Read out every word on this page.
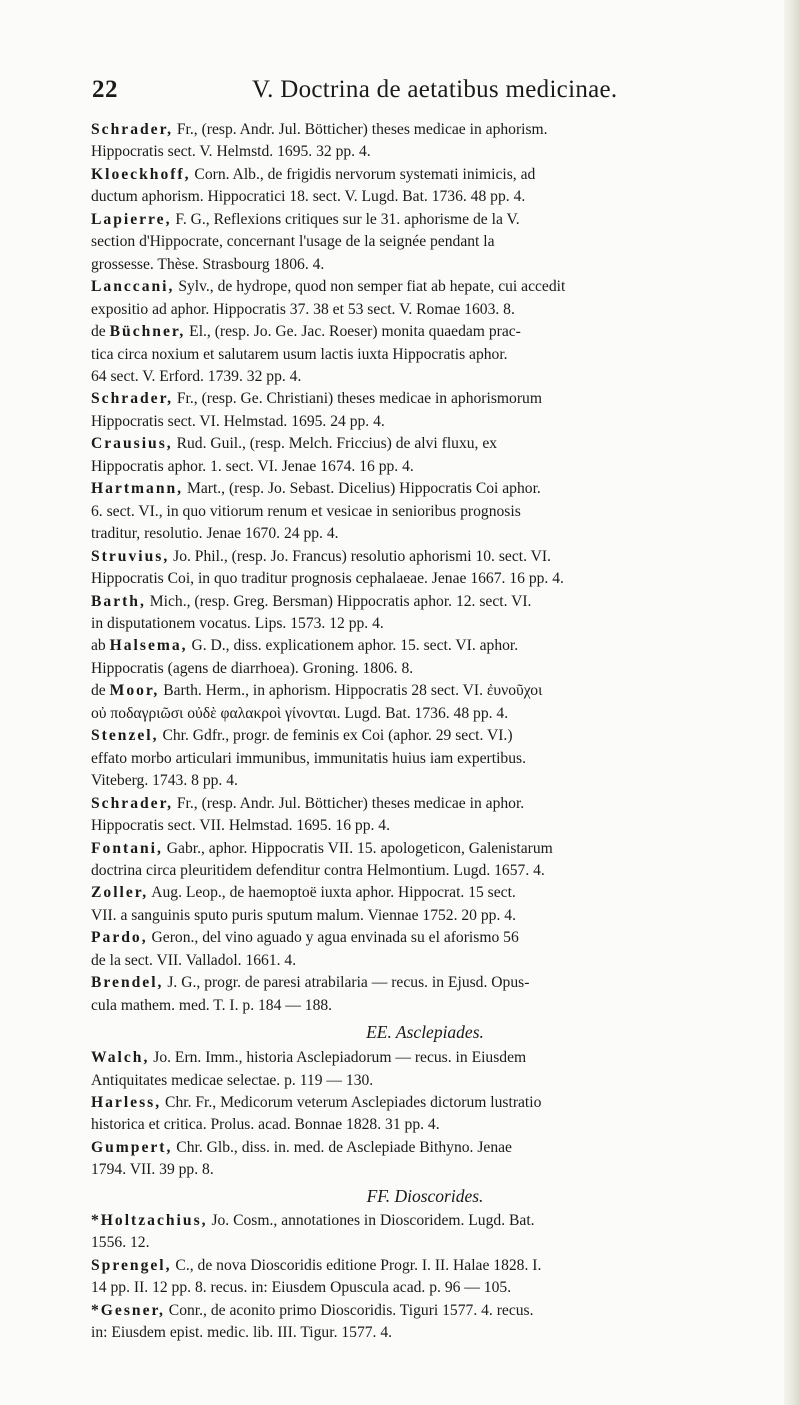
22	V. Doctrina de aetatibus medicinae.
Schrader, Fr., (resp. Andr. Jul. Bötticher) theses medicae in aphorism.
Hippocratis sect. V. Helmstd. 1695. 32 pp. 4.
Kloeckhoff, Corn. Alb., de frigidis nervorum systemati inimicis, ad
ductum aphorism. Hippocratici 18. sect. V. Lugd. Bat. 1736. 48 pp. 4.
Lapierre, F. G., Reflexions critiques sur le 31. aphorisme de la V.
section d'Hippocrate, concernant l'usage de la seignée pendant la
grossesse. Thèse. Strasbourg 1806. 4.
Lanccani, Sylv., de hydrope, quod non semper fiat ab hepate, cui accedit
expositio ad aphor. Hippocratis 37. 38 et 53 sect. V. Romae 1603. 8.
de Büchner, El., (resp. Jo. Ge. Jac. Roeser) monita quaedam prac-
tica circa noxium et salutarem usum lactis iuxta Hippocratis aphor.
64 sect. V. Erford. 1739. 32 pp. 4.
Schrader, Fr., (resp. Ge. Christiani) theses medicae in aphorismorum
Hippocratis sect. VI. Helmstad. 1695. 24 pp. 4.
Crausius, Rud. Guil., (resp. Melch. Friccius) de alvi fluxu, ex
Hippocratis aphor. 1. sect. VI. Jenae 1674. 16 pp. 4.
Hartmann, Mart., (resp. Jo. Sebast. Dicelius) Hippocratis Coi aphor.
6. sect. VI., in quo vitiorum renum et vesicae in senioribus prognosis
traditur, resolutio. Jenae 1670. 24 pp. 4.
Struvius, Jo. Phil., (resp. Jo. Francus) resolutio aphorismi 10. sect. VI.
Hippocratis Coi, in quo traditur prognosis cephalaeae. Jenae 1667. 16 pp. 4.
Barth, Mich., (resp. Greg. Bersman) Hippocratis aphor. 12. sect. VI.
in disputationem vocatus. Lips. 1573. 12 pp. 4.
ab Halsema, G. D., diss. explicationem aphor. 15. sect. VI. aphor.
Hippocratis (agens de diarrhoea). Groning. 1806. 8.
de Moor, Barth. Herm., in aphorism. Hippocratis 28 sect. VI. ἐυνοῦχοι
οὐ ποδαγριῶσι οὐδὲ φαλακροὶ γίνονται. Lugd. Bat. 1736. 48 pp. 4.
Stenzel, Chr. Gdfr., progr. de feminis ex Coi (aphor. 29 sect. VI.)
effato morbo articulari immunibus, immunitatis huius iam expertibus.
Viteberg. 1743. 8 pp. 4.
Schrader, Fr., (resp. Andr. Jul. Bötticher) theses medicae in aphor.
Hippocratis sect. VII. Helmstad. 1695. 16 pp. 4.
Fontani, Gabr., aphor. Hippocratis VII. 15. apologeticon, Galenistarum
doctrina circa pleuritidem defenditur contra Helmontium. Lugd. 1657. 4.
Zoller, Aug. Leop., de haemoptoë iuxta aphor. Hippocrat. 15 sect.
VII. a sanguinis sputo puris sputum malum. Viennae 1752. 20 pp. 4.
Pardo, Geron., del vino aguado y agua envinada su el aforismo 56
de la sect. VII. Valladol. 1661. 4.
Brendel, J. G., progr. de paresi atrabilaria — recus. in Ejusd. Opus-
cula mathem. med. T. I. p. 184 — 188.
EE. Asclepiades.
Walch, Jo. Ern. Imm., historia Asclepiadorum — recus. in Eiusdem
Antiquitates medicae selectae. p. 119 — 130.
Harless, Chr. Fr., Medicorum veterum Asclepiades dictorum lustratio
historica et critica. Prolus. acad. Bonnae 1828. 31 pp. 4.
Gumpert, Chr. Glb., diss. in. med. de Asclepiade Bithyno. Jenae
1794. VII. 39 pp. 8.
FF. Dioscorides.
*Holtzachius, Jo. Cosm., annotationes in Dioscoridem. Lugd. Bat.
1556. 12.
Sprengel, C., de nova Dioscoridis editione Progr. I. II. Halae 1828. I.
14 pp. II. 12 pp. 8. recus. in: Eiusdem Opuscula acad. p. 96 — 105.
*Gesner, Conr., de aconito primo Dioscoridis. Tiguri 1577. 4. recus.
in: Eiusdem epist. medic. lib. III. Tigur. 1577. 4.
